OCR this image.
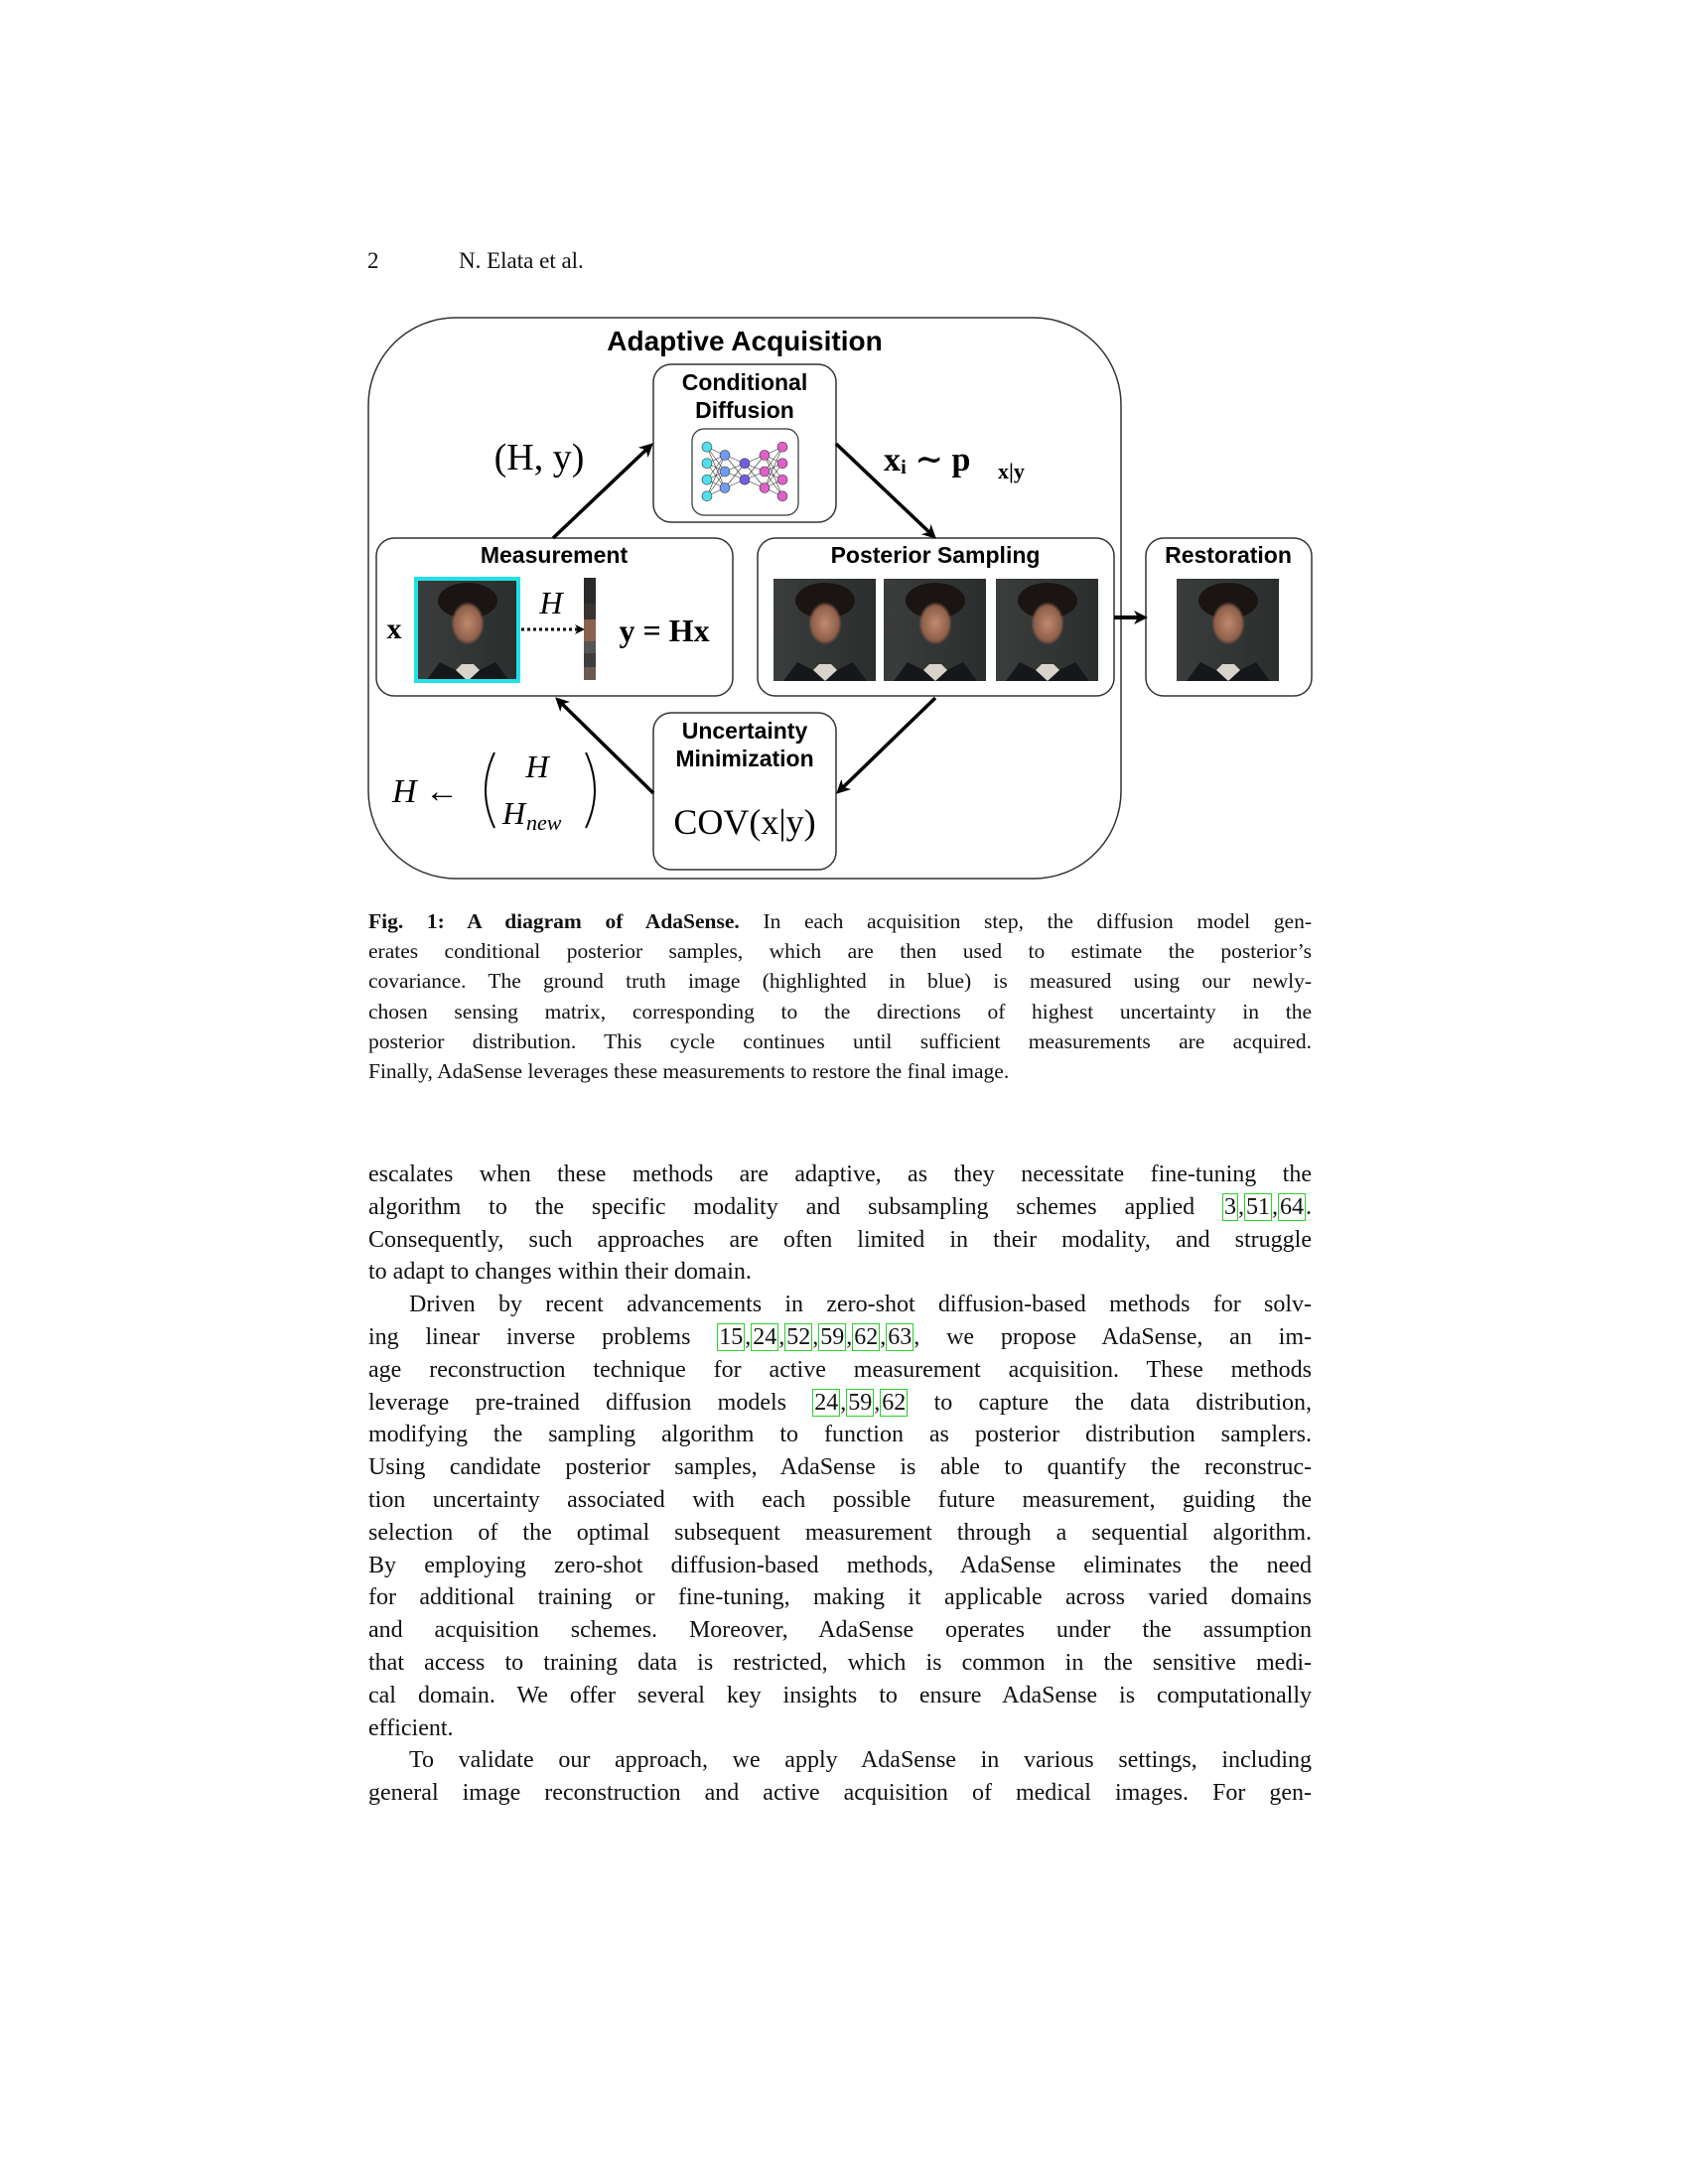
2	N. Elata et al.
Adaptive Acquisition
Conditional
Diffusion
Measurement
x
H
y = Hx
Posterior Sampling	Restoration
Uncertainty
Minimization
COV(x|y)
(H, y)	xᵢ ∼ p x|y
H ←
H
H new
Fig. 1: A diagram of AdaSense. In each acquisition step, the diffusion model gen-
erates conditional posterior samples, which are then used to estimate the posterior’s
covariance. The ground truth image (highlighted in blue) is measured using our newly-
chosen sensing matrix, corresponding to the directions of highest uncertainty in the
posterior distribution. This cycle continues until sufficient measurements are acquired.
Finally, AdaSense leverages these measurements to restore the final image.
escalates when these methods are adaptive, as they necessitate fine-tuning the
algorithm to the specific modality and subsampling schemes applied 3,51,64.
Consequently, such approaches are often limited in their modality, and struggle
to adapt to changes within their domain.
Driven by recent advancements in zero-shot diffusion-based methods for solv-
ing linear inverse problems 15,24,52,59,62,63, we propose AdaSense, an im-
age reconstruction technique for active measurement acquisition. These methods
leverage pre-trained diffusion models 24,59,62 to capture the data distribution,
modifying the sampling algorithm to function as posterior distribution samplers.
Using candidate posterior samples, AdaSense is able to quantify the reconstruc-
tion uncertainty associated with each possible future measurement, guiding the
selection of the optimal subsequent measurement through a sequential algorithm.
By employing zero-shot diffusion-based methods, AdaSense eliminates the need
for additional training or fine-tuning, making it applicable across varied domains
and acquisition schemes. Moreover, AdaSense operates under the assumption
that access to training data is restricted, which is common in the sensitive medi-
cal domain. We offer several key insights to ensure AdaSense is computationally
efficient.
To validate our approach, we apply AdaSense in various settings, including
general image reconstruction and active acquisition of medical images. For gen-
